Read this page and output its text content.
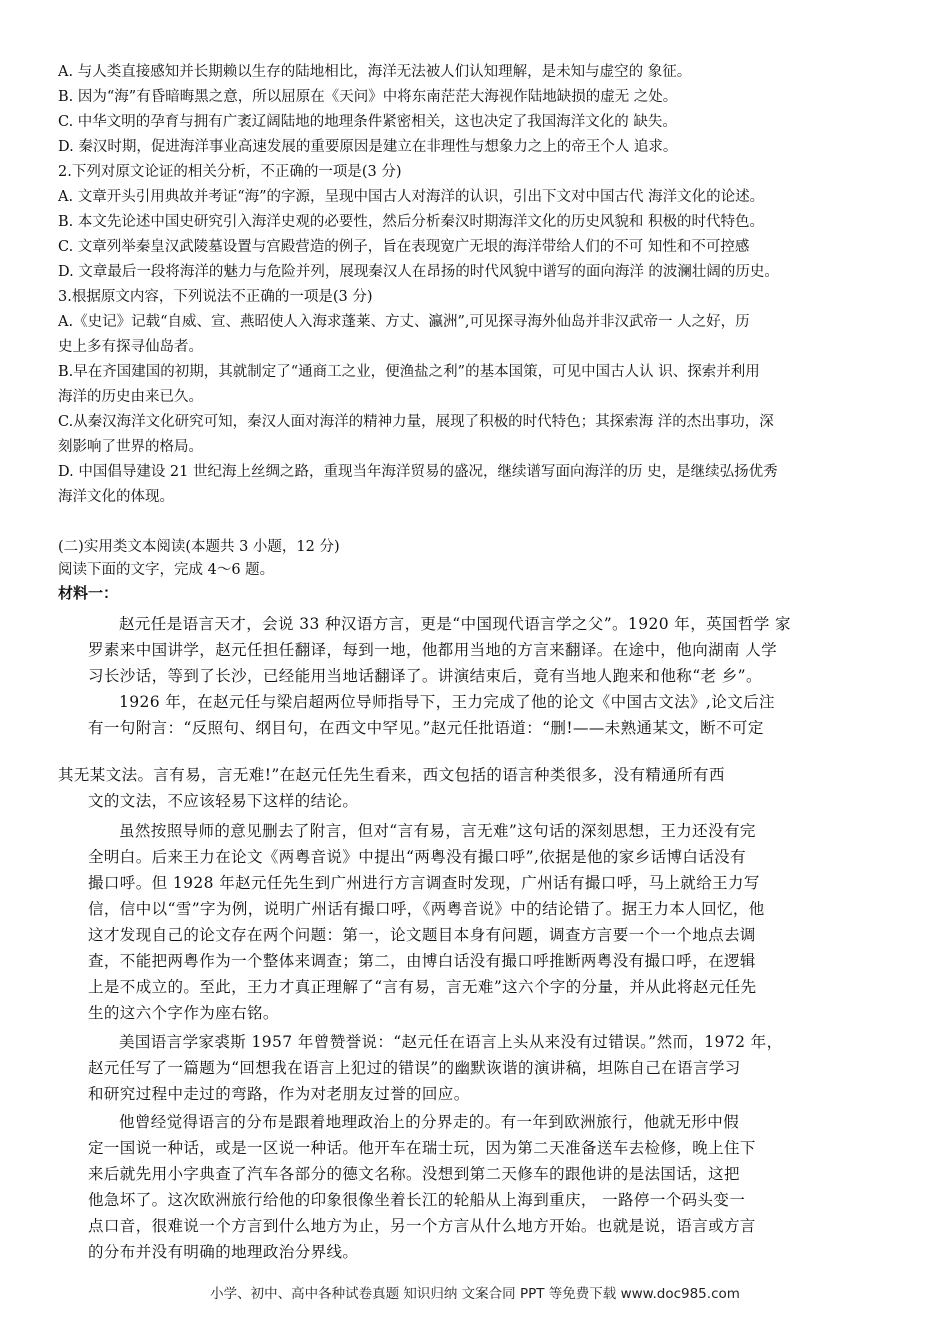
A. 与人类直接感知并长期赖以生存的陆地相比，海洋无法被人们认知理解，是未知与虚空的 象征。

B. 因为“海”有昏暗晦黑之意，所以屈原在《天问》中将东南茫茫大海视作陆地缺损的虚无 之处。

C. 中华文明的孕育与拥有广袤辽阔陆地的地理条件紧密相关，这也决定了我国海洋文化的 缺失。

D. 秦汉时期，促进海洋事业高速发展的重要原因是建立在非理性与想象力之上的帝王个人 追求。

2.下列对原文论证的相关分析，不正确的一项是(3 分)

A. 文章开头引用典故并考证“海”的字源，呈现中国古人对海洋的认识，引出下文对中国古代 海洋文化的论述。

B. 本文先论述中国史研究引入海洋史观的必要性，然后分析秦汉时期海洋文化的历史风貌和 积极的时代特色。

C. 文章列举秦皇汉武陵墓设置与宫殿营造的例子，旨在表现宽广无垠的海洋带给人们的不可 知性和不可控感

D. 文章最后一段将海洋的魅力与危险并列，展现秦汉人在昂扬的时代风貌中谱写的面向海洋 的波澜壮阔的历史。

3.根据原文内容，下列说法不正确的一项是(3 分)

A.《史记》记载“自威、宣、燕昭使人入海求蓬莱、方丈、瀛洲”,可见探寻海外仙岛并非汉武帝一 人之好，历

史上多有探寻仙岛者。

B.早在齐国建国的初期，其就制定了“通商工之业，便渔盐之利”的基本国策，可见中国古人认 识、探索并利用

海洋的历史由来已久。

C.从秦汉海洋文化研究可知，秦汉人面对海洋的精神力量，展现了积极的时代特色；其探索海 洋的杰出事功，深

刻影响了世界的格局。

D. 中国倡导建设 21 世纪海上丝绸之路，重现当年海洋贸易的盛况，继续谱写面向海洋的历 史，是继续弘扬优秀

海洋文化的体现。

(二)实用类文本阅读(本题共 3 小题，12 分)

阅读下面的文字，完成 4～6 题。

材料一：

赵元任是语言天才，会说 33 种汉语方言，更是“中国现代语言学之父”。1920 年，英国哲学 家

罗素来中国讲学，赵元任担任翻译，每到一地，他都用当地的方言来翻译。在途中，他向湖南 人学

习长沙话，等到了长沙，已经能用当地话翻译了。讲演结束后，竟有当地人跑来和他称“老 乡”。

1926 年，在赵元任与梁启超两位导师指导下，王力完成了他的论文《中国古文法》,论文后注

有一句附言：“反照句、纲目句，在西文中罕见。”赵元任批语道：“删!——未熟通某文，断不可定

其无某文法。言有易，言无难!”在赵元任先生看来，西文包括的语言种类很多，没有精通所有西

文的文法，不应该轻易下这样的结论。

虽然按照导师的意见删去了附言，但对“言有易，言无难”这句话的深刻思想，王力还没有完

全明白。后来王力在论文《两粤音说》中提出“两粤没有撮口呼”,依据是他的家乡话博白话没有

撮口呼。但 1928 年赵元任先生到广州进行方言调查时发现，广州话有撮口呼，马上就给王力写

信，信中以“雪”字为例，说明广州话有撮口呼，《两粤音说》中的结论错了。据王力本人回忆，他

这才发现自己的论文存在两个问题：第一，论文题目本身有问题，调查方言要一个一个地点去调

查，不能把两粤作为一个整体来调查；第二，由博白话没有撮口呼推断两粤没有撮口呼，在逻辑

上是不成立的。至此，王力才真正理解了“言有易，言无难”这六个字的分量，并从此将赵元任先

生的这六个字作为座右铭。

美国语言学家裘斯 1957 年曾赞誉说：“赵元任在语言上头从来没有过错误。”然而，1972 年，

赵元任写了一篇题为“回想我在语言上犯过的错误”的幽默诙谐的演讲稿，坦陈自己在语言学习

和研究过程中走过的弯路，作为对老朋友过誉的回应。

他曾经觉得语言的分布是跟着地理政治上的分界走的。有一年到欧洲旅行，他就无形中假

定一国说一种话，或是一区说一种话。他开车在瑞士玩，因为第二天准备送车去检修，晚上住下

来后就先用小字典查了汽车各部分的德文名称。没想到第二天修车的跟他讲的是法国话，这把

他急坏了。这次欧洲旅行给他的印象很像坐着长江的轮船从上海到重庆， 一路停一个码头变一

点口音，很难说一个方言到什么地方为止，另一个方言从什么地方开始。也就是说，语言或方言

的分布并没有明确的地理政治分界线。

小学、初中、高中各种试卷真题 知识归纳 文案合同 PPT 等免费下载 www.doc985.com
